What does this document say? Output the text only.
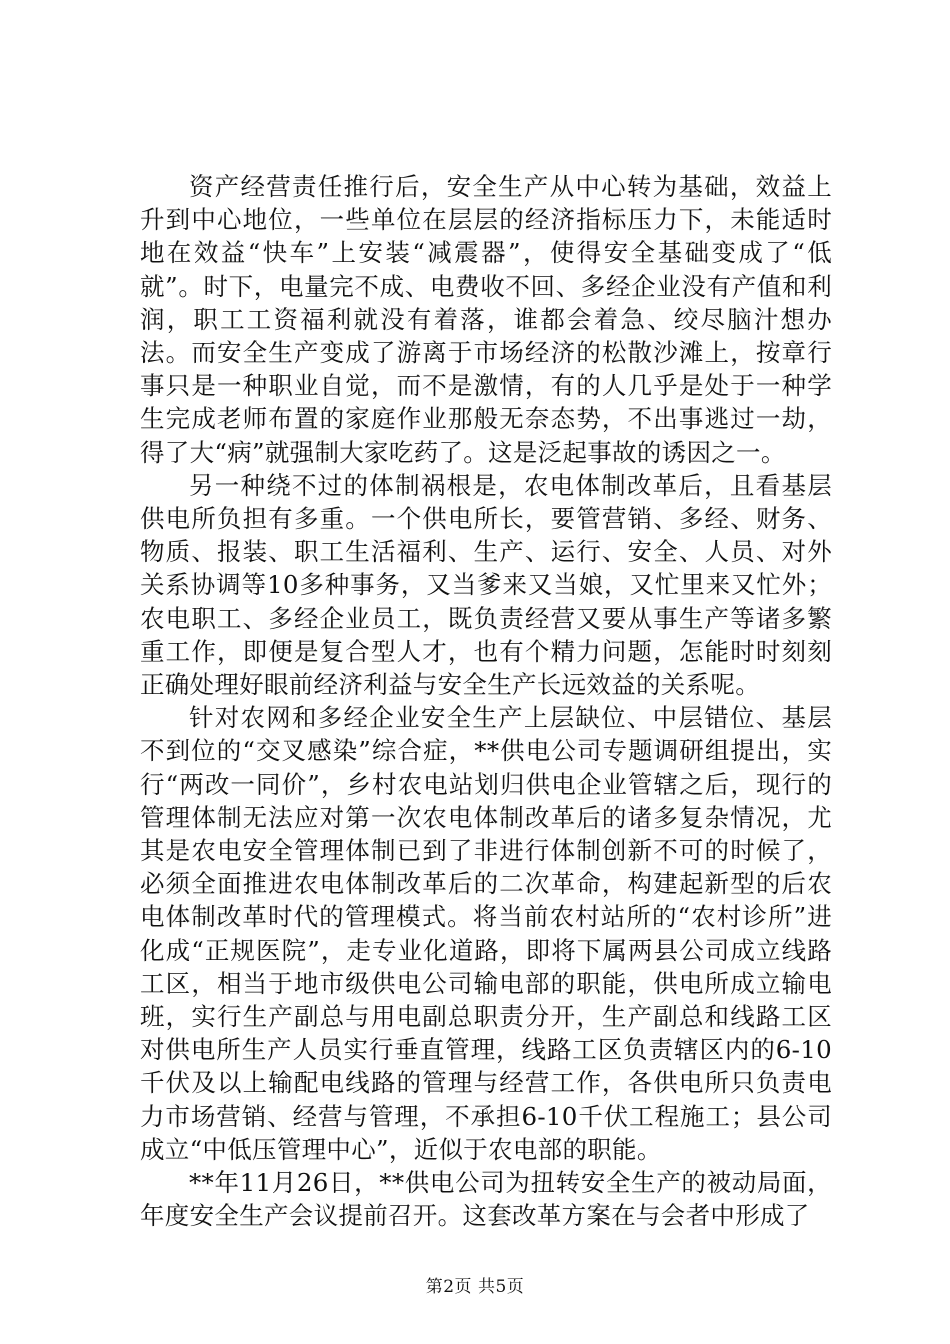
资产经营责任推行后，安全生产从中心转为基础，效益上升到中心地位，一些单位在层层的经济指标压力下，未能适时地在效益“快车”上安装“减震器”，使得安全基础变成了“低就”。时下，电量完不成、电费收不回、多经企业没有产值和利润，职工工资福利就没有着落，谁都会着急、绞尽脑汁想办法。而安全生产变成了游离于市场经济的松散沙滩上，按章行事只是一种职业自觉，而不是激情，有的人几乎是处于一种学生完成老师布置的家庭作业那般无奈态势，不出事逃过一劫，得了大“病”就强制大家吃药了。这是泛起事故的诱因之一。

另一种绕不过的体制祸根是，农电体制改革后，且看基层供电所负担有多重。一个供电所长，要管营销、多经、财务、物质、报装、职工生活福利、生产、运行、安全、人员、对外关系协调等10多种事务，又当爹来又当娘，又忙里来又忙外；农电职工、多经企业员工，既负责经营又要从事生产等诸多繁重工作，即便是复合型人才，也有个精力问题，怎能时时刻刻正确处理好眼前经济利益与安全生产长远效益的关系呢。

针对农网和多经企业安全生产上层缺位、中层错位、基层不到位的“交叉感染”综合症，**供电公司专题调研组提出，实行“两改一同价”，乡村农电站划归供电企业管辖之后，现行的管理体制无法应对第一次农电体制改革后的诸多复杂情况，尤其是农电安全管理体制已到了非进行体制创新不可的时候了，必须全面推进农电体制改革后的二次革命，构建起新型的后农电体制改革时代的管理模式。将当前农村站所的“农村诊所”进化成“正规医院”，走专业化道路，即将下属两县公司成立线路工区，相当于地市级供电公司输电部的职能，供电所成立输电班，实行生产副总与用电副总职责分开，生产副总和线路工区对供电所生产人员实行垂直管理，线路工区负责辖区内的6-10千伏及以上输配电线路的管理与经营工作，各供电所只负责电力市场营销、经营与管理，不承担6-10千伏工程施工；县公司成立“中低压管理中心”，近似于农电部的职能。

**年11月26日，**供电公司为扭转安全生产的被动局面，年度安全生产会议提前召开。这套改革方案在与会者中形成了

第2页 共5页
